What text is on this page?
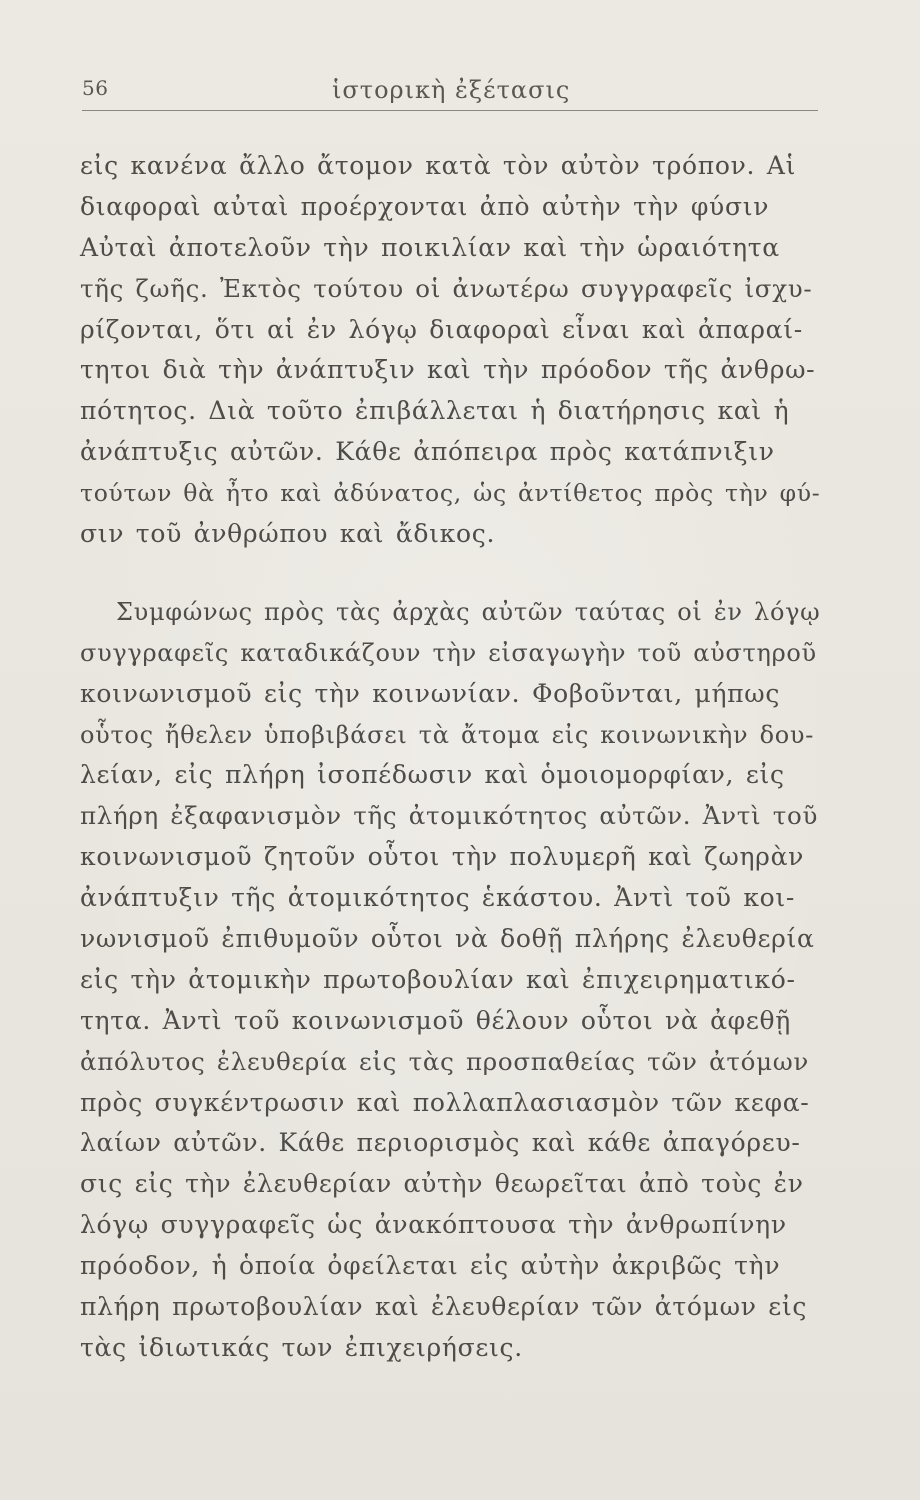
56	ἱστορικὴ ἐξέτασις
εἰς κανένα ἄλλο ἄτομον κατὰ τὸν αὐτὸν τρόπον. Αἱ
διαφοραὶ αὐταὶ προέρχονται ἀπὸ αὐτὴν τὴν φύσιν
Αὐταὶ ἀποτελοῦν τὴν ποικιλίαν καὶ τὴν ὡραιότητα
τῆς ζωῆς. Ἐκτὸς τούτου οἱ ἀνωτέρω συγγραφεῖς ἰσχυ-
ρίζονται, ὅτι αἱ ἐν λόγῳ διαφοραὶ εἶναι καὶ ἀπαραί-
τητοι διὰ τὴν ἀνάπτυξιν καὶ τὴν πρόοδον τῆς ἀνθρω-
πότητος. Διὰ τοῦτο ἐπιβάλλεται ἡ διατήρησις καὶ ἡ
ἀνάπτυξις αὐτῶν. Κάθε ἀπόπειρα πρὸς κατάπνιξιν
τούτων θὰ ἦτο καὶ ἀδύνατος, ὡς ἀντίθετος πρὸς τὴν φύ-
σιν τοῦ ἀνθρώπου καὶ ἄδικος.
Συμφώνως πρὸς τὰς ἀρχὰς αὐτῶν ταύτας οἱ ἐν λόγῳ
συγγραφεῖς καταδικάζουν τὴν εἰσαγωγὴν τοῦ αὐστηροῦ
κοινωνισμοῦ εἰς τὴν κοινωνίαν. Φοβοῦνται, μήπως
οὗτος ἤθελεν ὑποβιβάσει τὰ ἄτομα εἰς κοινωνικὴν δου-
λείαν, εἰς πλήρη ἰσοπέδωσιν καὶ ὁμοιομορφίαν, εἰς
πλήρη ἐξαφανισμὸν τῆς ἀτομικότητος αὐτῶν. Ἀντὶ τοῦ
κοινωνισμοῦ ζητοῦν οὗτοι τὴν πολυμερῆ καὶ ζωηρὰν
ἀνάπτυξιν τῆς ἀτομικότητος ἑκάστου. Ἀντὶ τοῦ κοι-
νωνισμοῦ ἐπιθυμοῦν οὗτοι νὰ δοθῇ πλήρης ἐλευθερία
εἰς τὴν ἀτομικὴν πρωτοβουλίαν καὶ ἐπιχειρηματικό-
τητα. Ἀντὶ τοῦ κοινωνισμοῦ θέλουν οὗτοι νὰ ἀφεθῇ
ἀπόλυτος ἐλευθερία εἰς τὰς προσπαθείας τῶν ἀτόμων
πρὸς συγκέντρωσιν καὶ πολλαπλασιασμὸν τῶν κεφα-
λαίων αὐτῶν. Κάθε περιορισμὸς καὶ κάθε ἀπαγόρευ-
σις εἰς τὴν ἐλευθερίαν αὐτὴν θεωρεῖται ἀπὸ τοὺς ἐν
λόγῳ συγγραφεῖς ὡς ἀνακόπτουσα τὴν ἀνθρωπίνην
πρόοδον, ἡ ὁποία ὀφείλεται εἰς αὐτὴν ἀκριβῶς τὴν
πλήρη πρωτοβουλίαν καὶ ἐλευθερίαν τῶν ἀτόμων εἰς
τὰς ἰδιωτικάς των ἐπιχειρήσεις.
